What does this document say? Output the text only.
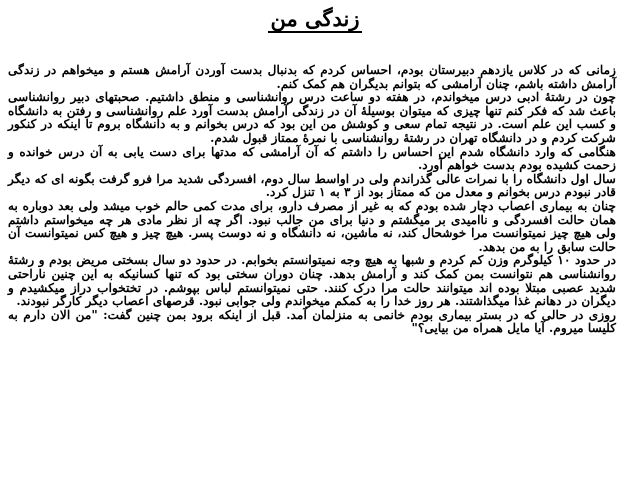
زندگی من

زمانی که در کلاس یازدهم دبیرستان بودم، احساس کردم که بدنبال بدست آوردن آرامش هستم و میخواهم در زندگی آرامش داشته باشم، چنان آرامشی که بتوانم بدیگران هم کمک کنم.

چون در رشتهٔ ادبی درس میخواندم، در هفته دو ساعت درس روانشناسی و منطق داشتیم. صحبتهای دبیر روانشناسی باعث شد که فکر کنم تنها چیزی که میتوان بوسیلهٔ آن در زندگی آرامش بدست آورد علم روانشناسی و رفتن به دانشگاه و کسب این علم است. در نتیجه تمام سعی و کوشش من این بود که درس بخوانم و به دانشگاه بروم تا اینکه در کنکور شرکت کردم و در دانشگاه تهران در رشتهٔ روانشناسی با نمرهٔ ممتاز قبول شدم.

هنگامی که وارد دانشگاه شدم این احساس را داشتم که آن آرامشی که مدتها برای دست یابی به آن درس خوانده و زحمت کشیده بودم بدست خواهم آورد.

سال اول دانشگاه را با نمرات عالی گذراندم ولی در اواسط سال دوم، افسردگی شدید مرا فرو گرفت بگونه ای که دیگر قادر نبودم درس بخوانم و معدل من که ممتاز بود از ۳ به ۱ تنزل کرد.

چنان به بیماری اعصاب دچار شده بودم که به غیر از مصرف دارو، برای مدت کمی حالم خوب میشد ولی بعد دوباره به همان حالت افسردگی و ناامیدی بر میگشتم و دنیا برای من جالب نبود. اگر چه از نظر مادی هر چه میخواستم داشتم ولی هیچ چیز نمیتوانست مرا خوشحال کند، نه ماشین، نه دانشگاه و نه دوست پسر. هیچ چیز و هیچ کس نمیتوانست آن حالت سابق را به من بدهد.

در حدود ۱۰ کیلوگرم وزن کم کردم و شبها به هیچ وجه نمیتوانستم بخوابم. در حدود دو سال بسختی مریض بودم و رشتهٔ روانشناسی هم نتوانست بمن کمک کند و آرامش بدهد. چنان دوران سختی بود که تنها کسانیکه به این چنین ناراحتی شدید عصبی مبتلا بوده اند میتوانند حالت مرا درک کنند. حتی نمیتوانستم لباس بپوشم. در تختخواب دراز میکشیدم و دیگران در دهانم غذا میگذاشتند. هر روز خدا را به کمکم میخواندم ولی جوابی نبود. قرصهای اعصاب دیگر کارگر نبودند.

روزی در حالی که در بستر بیماری بودم خانمی به منزلمان آمد. قبل از اینکه برود بمن چنین گفت: "من الان دارم به کلیسا میروم. آیا مایل همراه من بیایی؟"
